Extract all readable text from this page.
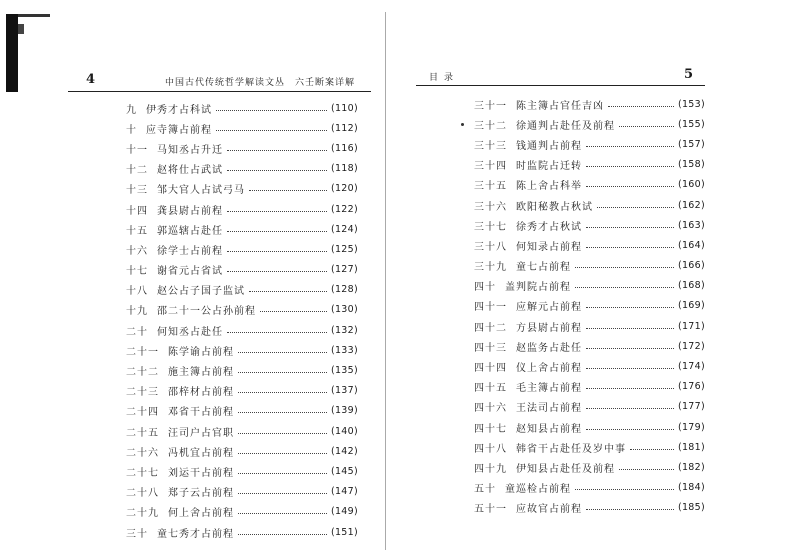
4	中国古代传统哲学解读文丛　六壬断案详解
九 伊秀才占科试	(110)
十 应寺簿占前程	(112)
十一 马知丞占升迁	(116)
十二 赵将仕占武试	(118)
十三 邹大官人占试弓马	(120)
十四 龚县尉占前程	(122)
十五 郭巡辖占赴任	(124)
十六 徐学士占前程	(125)
十七 谢省元占省试	(127)
十八 赵公占子国子监试	(128)
十九 邵二十一公占孙前程	(130)
二十 何知丞占赴任	(132)
二十一 陈学谕占前程	(133)
二十二 施主簿占前程	(135)
二十三 邵梓材占前程	(137)
二十四 邓省干占前程	(139)
二十五 汪司户占官职	(140)
二十六 冯机宜占前程	(142)
二十七 刘运干占前程	(145)
二十八 郑子云占前程	(147)
二十九 何上舍占前程	(149)
三十 童七秀才占前程	(151)
目录	5
三十一 陈主簿占官任吉凶	(153)
三十二 徐通判占赴任及前程	(155)
三十三 钱通判占前程	(157)
三十四 时监院占迁转	(158)
三十五 陈上舍占科举	(160)
三十六 欧阳秘教占秋试	(162)
三十七 徐秀才占秋试	(163)
三十八 何知录占前程	(164)
三十九 童七占前程	(166)
四十 盖判院占前程	(168)
四十一 应解元占前程	(169)
四十二 方县尉占前程	(171)
四十三 赵监务占赴任	(172)
四十四 仪上舍占前程	(174)
四十五 毛主簿占前程	(176)
四十六 王法司占前程	(177)
四十七 赵知县占前程	(179)
四十八 韩省干占赴任及岁中事	(181)
四十九 伊知县占赴任及前程	(182)
五十 童巡检占前程	(184)
五十一 应故官占前程	(185)
